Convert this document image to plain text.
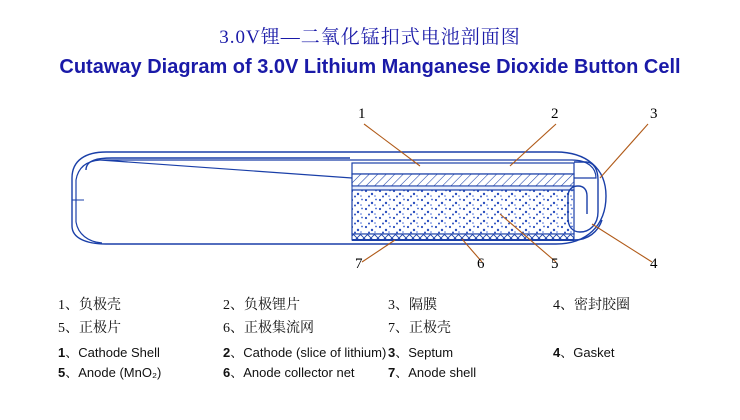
3.0V锂—二氧化锰扣式电池剖面图
Cutaway Diagram of 3.0V Lithium Manganese Dioxide Button Cell
1	2	3
7	6	5	4
1、负极壳	2、负极锂片	3、隔膜	4、密封胶圈
5、正极片	6、正极集流网	7、正极壳
1、Cathode Shell	2、Cathode (slice of lithium) 3、Septum	4、Gasket
5、Anode (MnO₂)	6、Anode collector net	7、Anode shell
